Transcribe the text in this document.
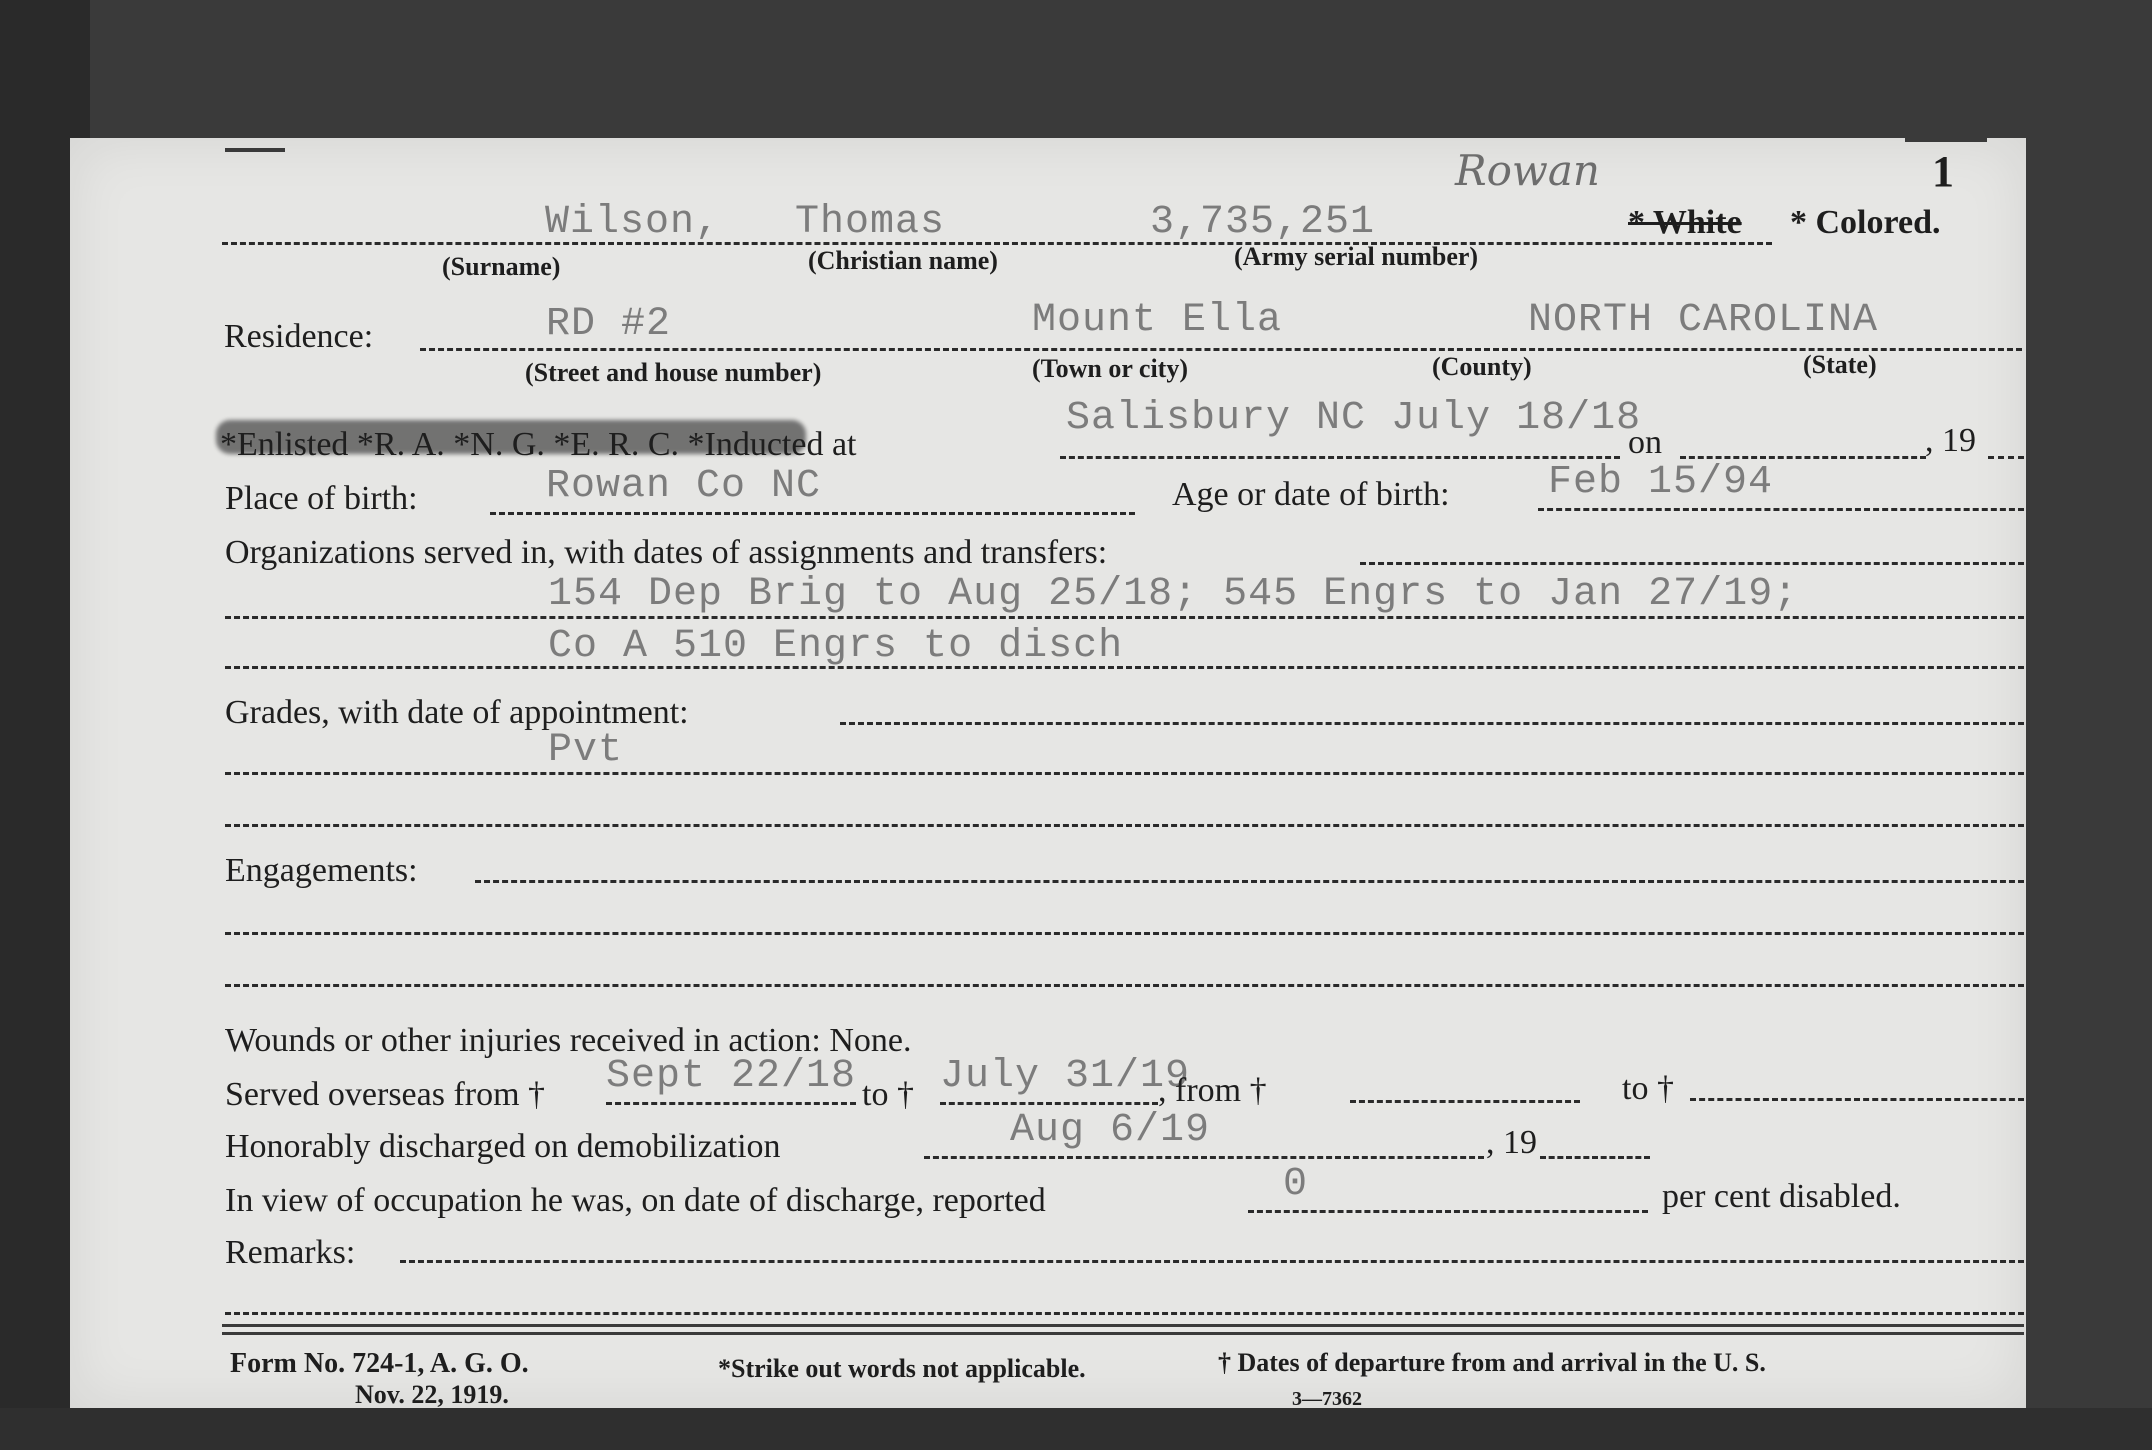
1
Rowan
Wilson, Thomas	3,735,251	* White * Colored.
(Surname)	(Christian name)	(Army serial number)
Residence:	RD #2	Mount Ella	NORTH CAROLINA
(Street and house number)	(Town or city)	(County)	(State)
*Enlisted *R. A. *N. G. *E. R. C. *Inducted at
Salisbury NC July 18/18
on	, 19
Place of birth:	Rowan Co NC	Age or date of birth: Feb 15/94
Organizations served in, with dates of assignments and transfers:
154 Dep Brig to Aug 25/18; 545 Engrs to Jan 27/19;
Co A 510 Engrs to disch
Grades, with date of appointment:
Pvt
Engagements:
Wounds or other injuries received in action: None.
Served overseas from † Sept 22/18 to † July 31/19
, from †	to †
Honorably discharged on demobilization	Aug 6/19	, 19
In view of occupation he was, on date of discharge, reported	0	per cent disabled.
Remarks:
Form No. 724-1, A. G. O.
Nov. 22, 1919.
*Strike out words not applicable.	† Dates of departure from and arrival in the U. S.
3—7362
